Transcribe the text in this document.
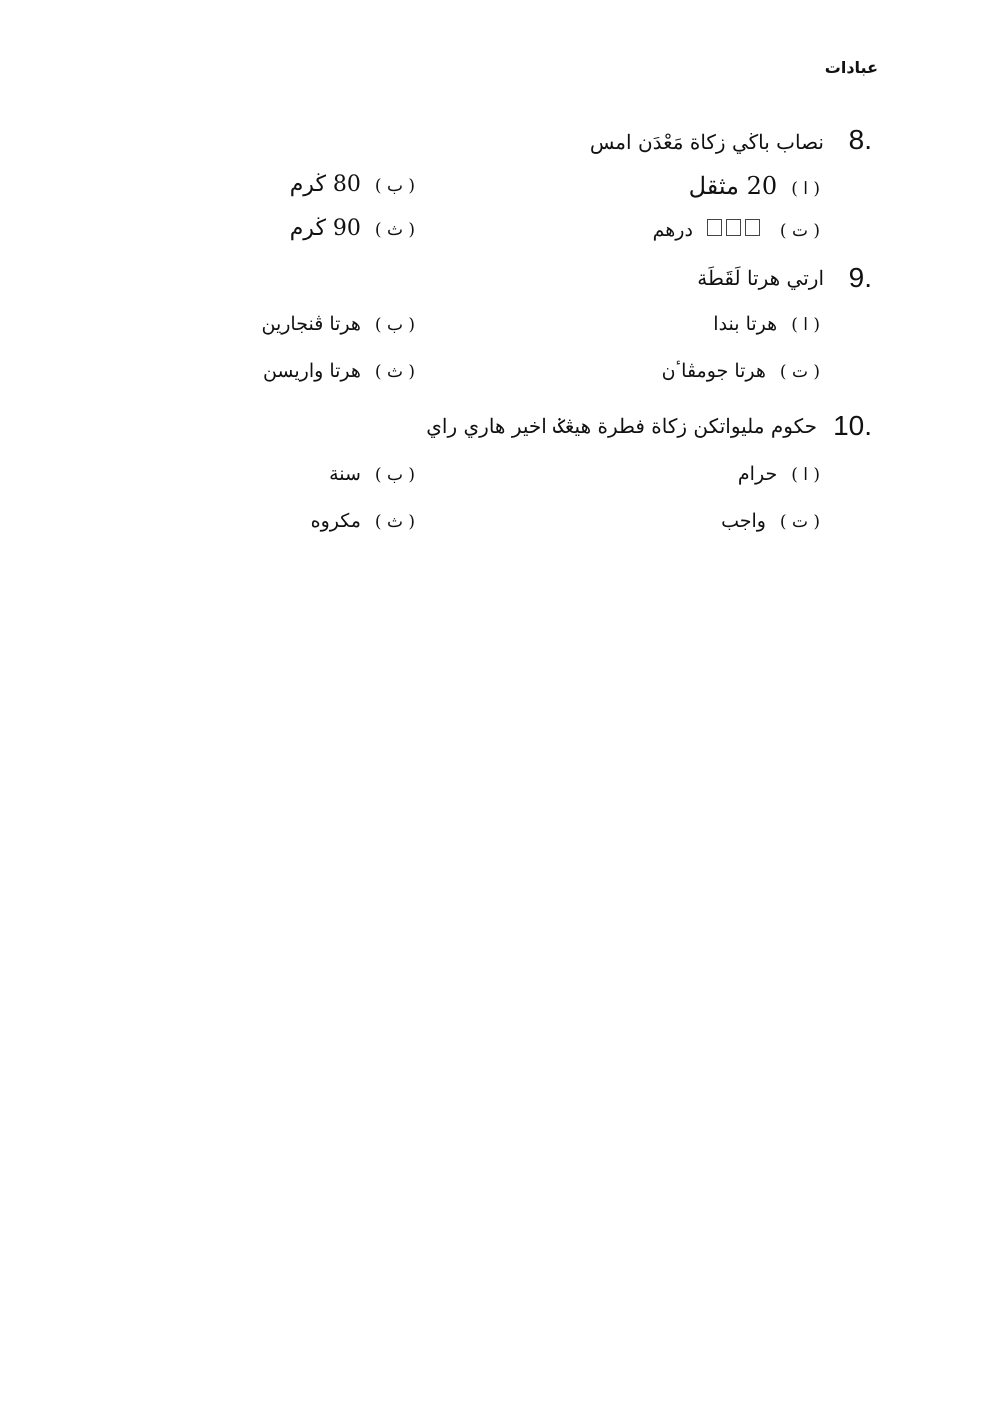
عبادات
8.
نصاب باڬي زكاة مَعْدَن امس
( ا )
20 مثقل
( ب )
80 ڬرم
( ت )
درهم
( ث )
90 ڬرم
9.
ارتي هرتا لَقَطَة
( ا )
هرتا بندا
( ب )
هرتا ڤنجارين
( ت )
هرتا جومڤاٴن
( ث )
هرتا واريسن
10.
حكوم مليواتكن زكاة فطرة هيڠݢ اخير هاري راي
( ا )
حرام
( ب )
سنة
( ت )
واجب
( ث )
مكروه
